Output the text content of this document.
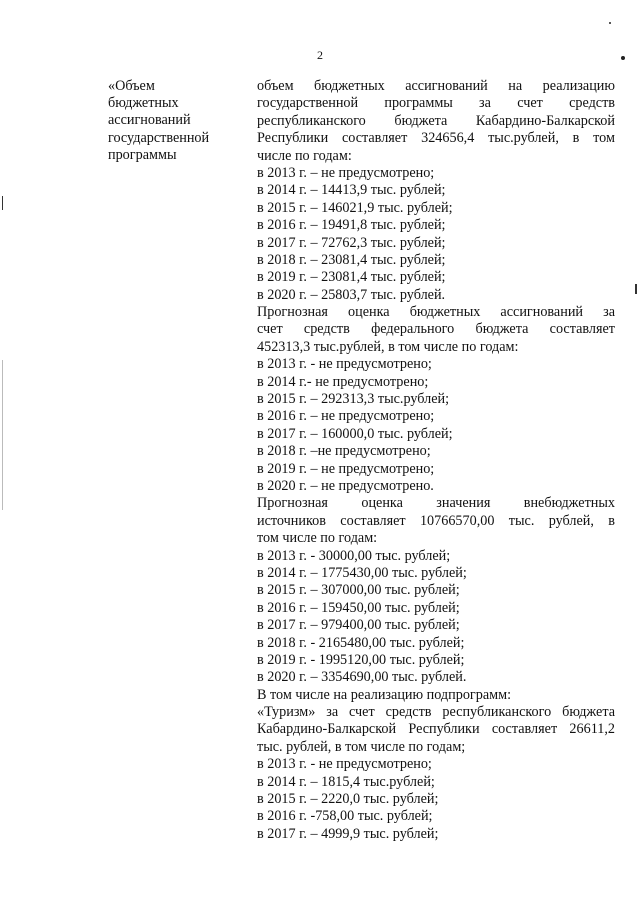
2
«Объем
бюджетных
ассигнований
государственной
программы
объем бюджетных ассигнований на реализацию
государственной программы за счет средств
республиканского бюджета Кабардино-Балкарской
Республики составляет 324656,4 тыс.рублей, в том
числе по годам:
в 2013 г. – не предусмотрено;
в 2014 г. – 14413,9 тыс. рублей;
в 2015 г. – 146021,9 тыс. рублей;
в 2016 г. – 19491,8 тыс. рублей;
в 2017 г. – 72762,3 тыс. рублей;
в 2018 г. – 23081,4 тыс. рублей;
в 2019 г. – 23081,4 тыс. рублей;
в 2020 г. – 25803,7 тыс. рублей.
Прогнозная оценка бюджетных ассигнований за
счет средств федерального бюджета составляет
452313,3 тыс.рублей, в том числе по годам:
в 2013 г. - не предусмотрено;
в 2014 г.- не предусмотрено;
в 2015 г. – 292313,3 тыс.рублей;
в 2016 г. – не предусмотрено;
в 2017 г. – 160000,0 тыс. рублей;
в 2018 г. –не предусмотрено;
в 2019 г. – не предусмотрено;
в 2020 г. – не предусмотрено.
Прогнозная оценка значения внебюджетных
источников составляет 10766570,00 тыс. рублей, в
том числе по годам:
в 2013 г. - 30000,00 тыс. рублей;
в 2014 г. – 1775430,00 тыс. рублей;
в 2015 г. – 307000,00 тыс. рублей;
в 2016 г. – 159450,00 тыс. рублей;
в 2017 г. – 979400,00 тыс. рублей;
в 2018 г. - 2165480,00 тыс. рублей;
в 2019 г. - 1995120,00 тыс. рублей;
в 2020 г. – 3354690,00 тыс. рублей.
В том числе на реализацию подпрограмм:
«Туризм» за счет средств республиканского бюджета
Кабардино-Балкарской Республики составляет 26611,2
тыс. рублей, в том числе по годам;
в 2013 г. - не предусмотрено;
в 2014 г. – 1815,4 тыс.рублей;
в 2015 г. – 2220,0 тыс. рублей;
в 2016 г. -758,00 тыс. рублей;
в 2017 г. – 4999,9 тыс. рублей;
